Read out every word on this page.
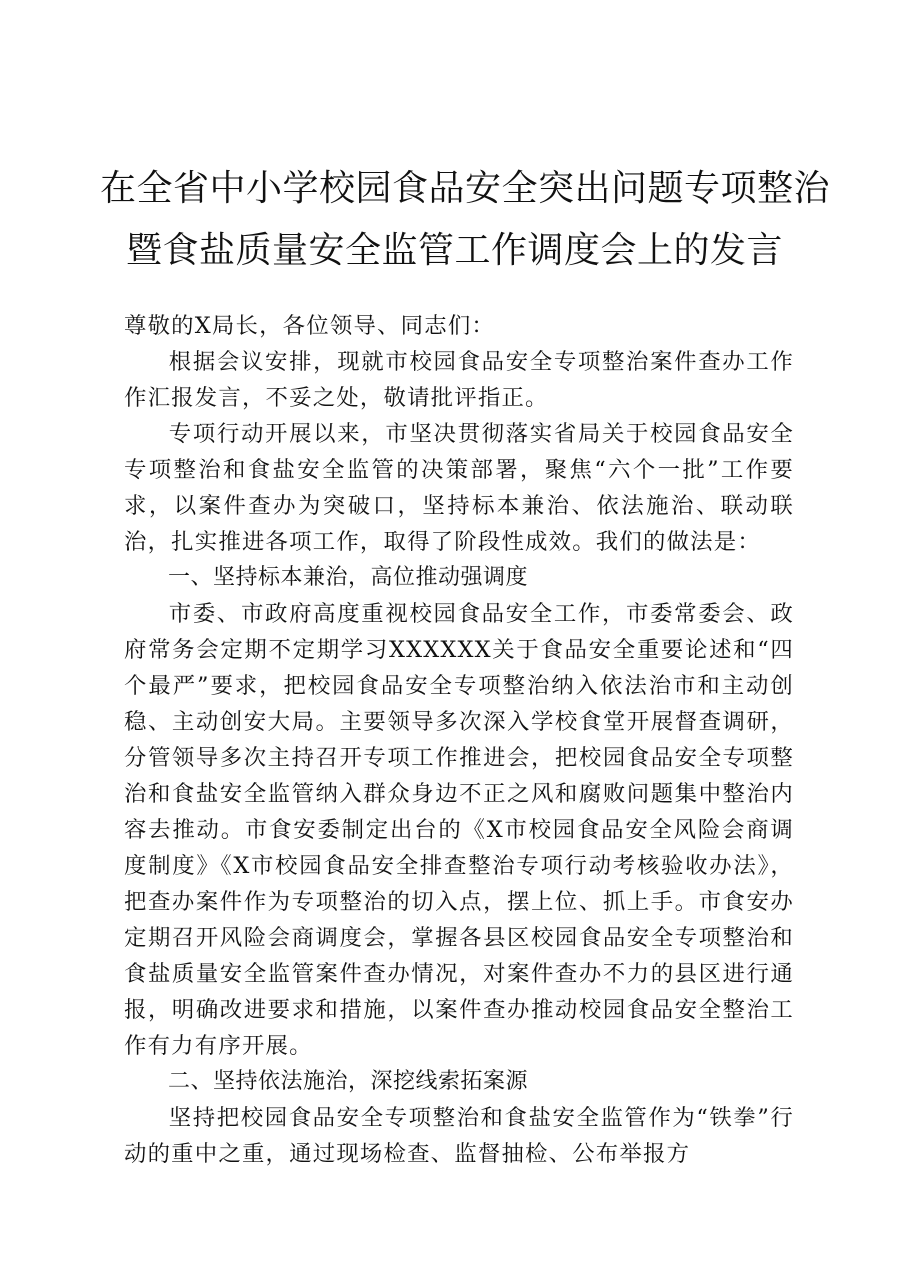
在全省中小学校园食品安全突出问题专项整治
暨食盐质量安全监管工作调度会上的发言

尊敬的X局长，各位领导、同志们：

根据会议安排，现就市校园食品安全专项整治案件查办工作作汇报发言，不妥之处，敬请批评指正。

专项行动开展以来，市坚决贯彻落实省局关于校园食品安全专项整治和食盐安全监管的决策部署，聚焦“六个一批”工作要求，以案件查办为突破口，坚持标本兼治、依法施治、联动联治，扎实推进各项工作，取得了阶段性成效。我们的做法是：

一、坚持标本兼治，高位推动强调度

市委、市政府高度重视校园食品安全工作，市委常委会、政府常务会定期不定期学习XXXXXX关于食品安全重要论述和“四个最严”要求，把校园食品安全专项整治纳入依法治市和主动创稳、主动创安大局。主要领导多次深入学校食堂开展督查调研，分管领导多次主持召开专项工作推进会，把校园食品安全专项整治和食盐安全监管纳入群众身边不正之风和腐败问题集中整治内容去推动。市食安委制定出台的《X市校园食品安全风险会商调度制度》《X市校园食品安全排查整治专项行动考核验收办法》，把查办案件作为专项整治的切入点，摆上位、抓上手。市食安办定期召开风险会商调度会，掌握各县区校园食品安全专项整治和食盐质量安全监管案件查办情况，对案件查办不力的县区进行通报，明确改进要求和措施，以案件查办推动校园食品安全整治工作有力有序开展。

二、坚持依法施治，深挖线索拓案源

坚持把校园食品安全专项整治和食盐安全监管作为“铁拳”行动的重中之重，通过现场检查、监督抽检、公布举报方
